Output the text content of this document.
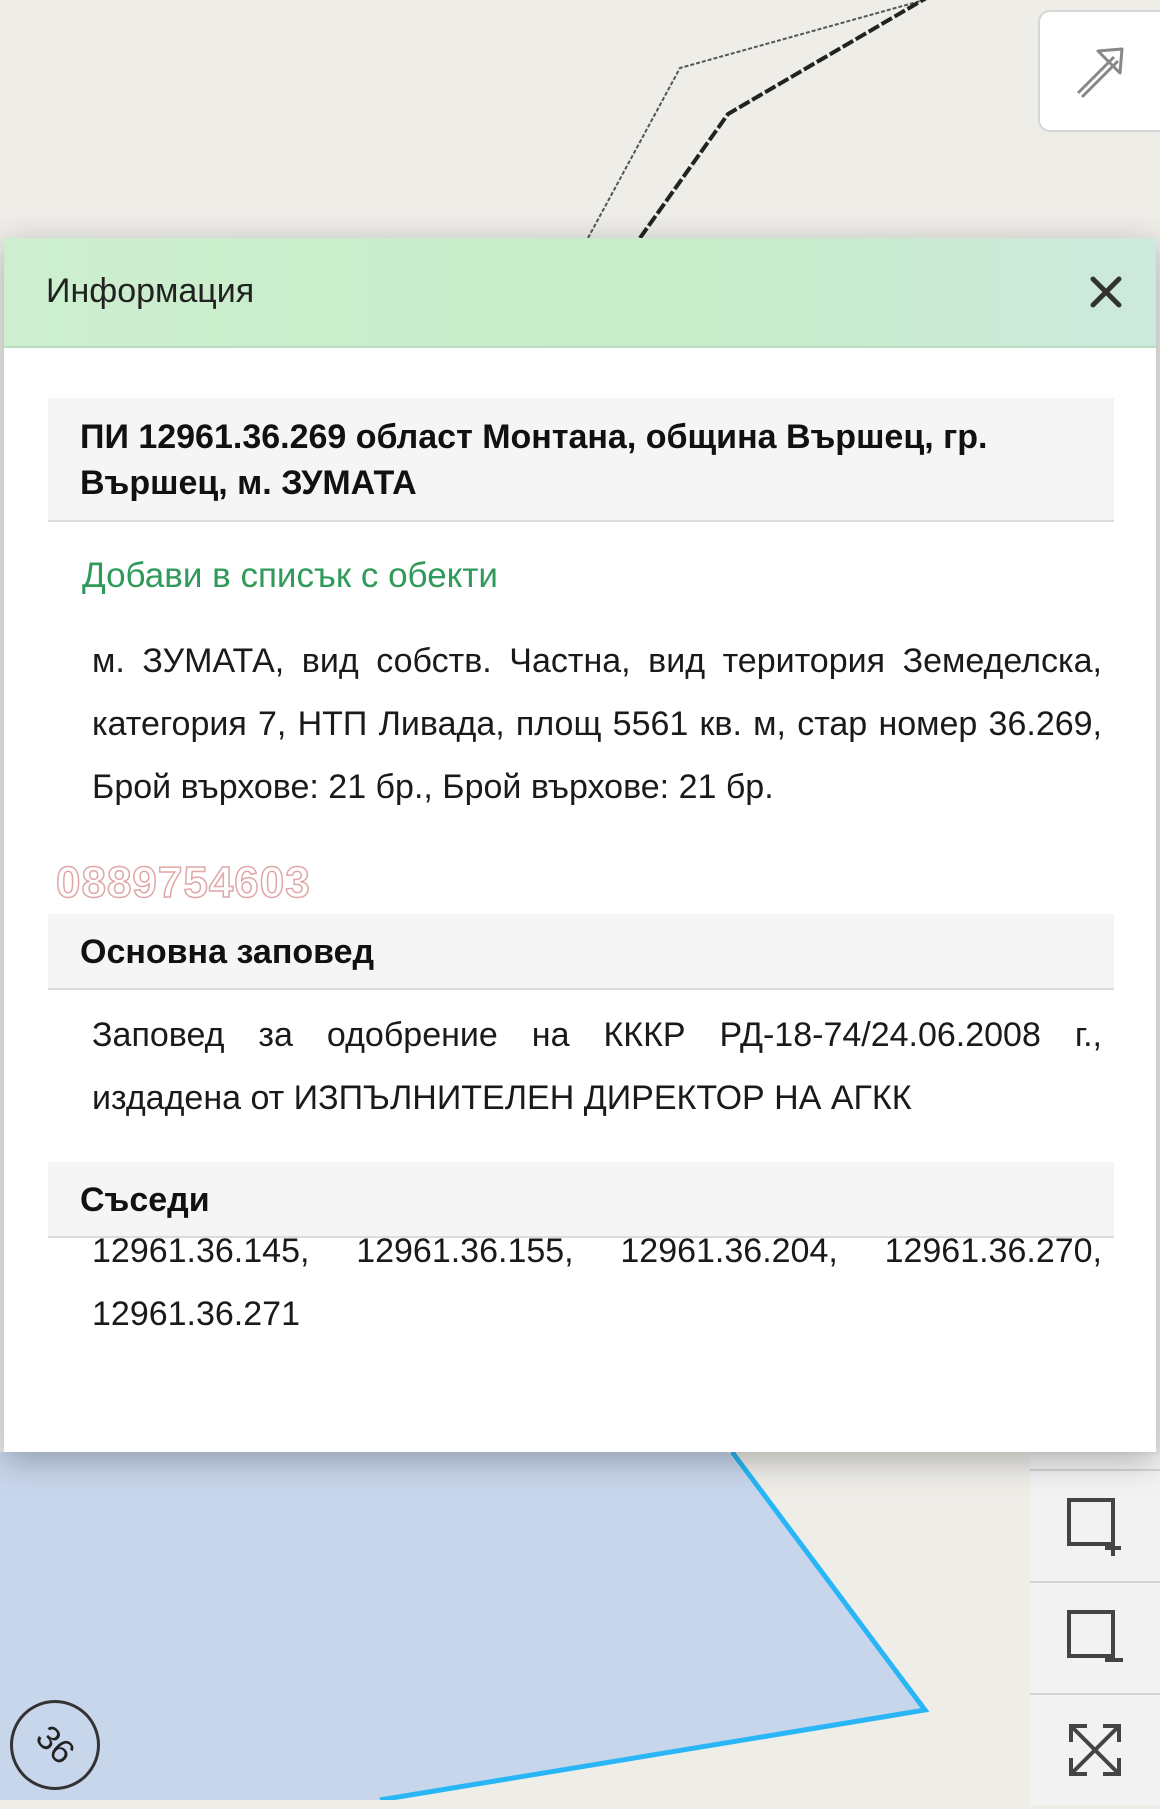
36
Информация
ПИ 12961.36.269 област Монтана, община Вършец, гр. Вършец, м. ЗУМАТА
Добави в списък с обекти
м. ЗУМАТА, вид собств. Частна, вид територия Земеделска, категория 7, НТП Ливада, площ 5561 кв. м, стар номер 36.269, Брой върхове: 21 бр., Брой върхове: 21 бр.
0889754603
Основна заповед
Заповед за одобрение на КККР РД-18-74/24.06.2008 г., издадена от ИЗПЪЛНИТЕЛЕН ДИРЕКТОР НА АГКК
Съседи
12961.36.145, 12961.36.155, 12961.36.204, 12961.36.270, 12961.36.271
